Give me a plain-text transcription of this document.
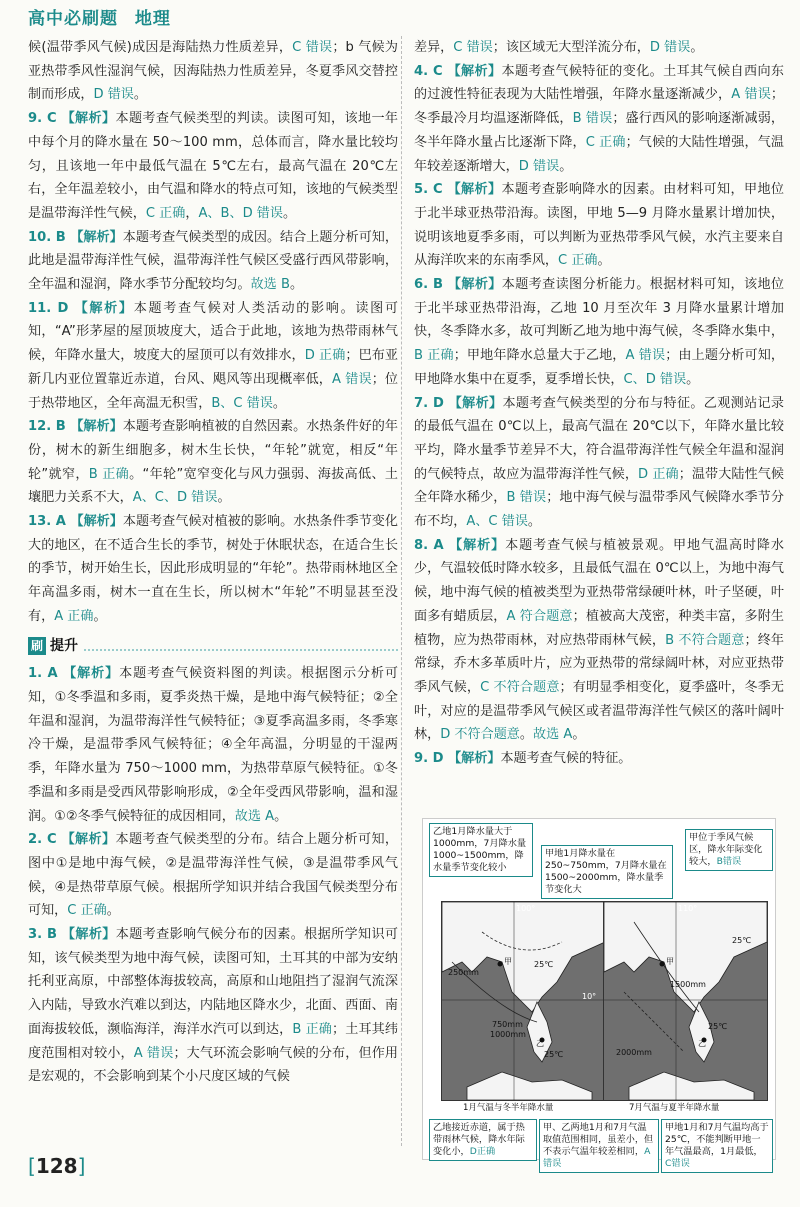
高中必刷题 地理

候(温带季风气候)成因是海陆热力性质差异，C 错误；b 气候为亚热带季风性湿润气候，因海陆热力性质差异，冬夏季风交替控制而形成，D 错误。

9. C 【解析】本题考查气候类型的判读。读图可知，该地一年中每个月的降水量在 50～100 mm，总体而言，降水量比较均匀，且该地一年中最低气温在 5℃左右，最高气温在 20℃左右，全年温差较小，由气温和降水的特点可知，该地的气候类型是温带海洋性气候，C 正确，A、B、D 错误。

10. B 【解析】本题考查气候类型的成因。结合上题分析可知，此地是温带海洋性气候，温带海洋性气候区受盛行西风带影响，全年温和湿润，降水季节分配较均匀。故选 B。

11. D 【解析】本题考查气候对人类活动的影响。读图可知，“A”形茅屋的屋顶坡度大，适合于此地，该地为热带雨林气候，年降水量大，坡度大的屋顶可以有效排水，D 正确；巴布亚新几内亚位置靠近赤道，台风、飓风等出现概率低，A 错误；位于热带地区，全年高温无积雪，B、C 错误。

12. B 【解析】本题考查影响植被的自然因素。水热条件好的年份，树木的新生细胞多，树木生长快，“年轮”就宽，相反“年轮”就窄，B 正确。“年轮”宽窄变化与风力强弱、海拔高低、土壤肥力关系不大，A、C、D 错误。

13. A 【解析】本题考查气候对植被的影响。水热条件季节变化大的地区，在不适合生长的季节，树处于休眠状态，在适合生长的季节，树开始生长，因此形成明显的“年轮”。热带雨林地区全年高温多雨，树木一直在生长，所以树木“年轮”不明显甚至没有，A 正确。

刷 提升

1. A 【解析】本题考查气候资料图的判读。根据图示分析可知，①冬季温和多雨，夏季炎热干燥，是地中海气候特征；②全年温和湿润，为温带海洋性气候特征；③夏季高温多雨，冬季寒冷干燥，是温带季风气候特征；④全年高温，分明显的干湿两季，年降水量为 750～1000 mm，为热带草原气候特征。①冬季温和多雨是受西风带影响形成，②全年受西风带影响，温和湿润。①②冬季气候特征的成因相同，故选 A。

2. C 【解析】本题考查气候类型的分布。结合上题分析可知，图中①是地中海气候，②是温带海洋性气候，③是温带季风气候，④是热带草原气候。根据所学知识并结合我国气候类型分布可知，C 正确。

3. B 【解析】本题考查影响气候分布的因素。根据所学知识可知，该气候类型为地中海气候，读图可知，土耳其的中部为安纳托利亚高原，中部整体海拔较高，高原和山地阻挡了湿润气流深入内陆，导致水汽难以到达，内陆地区降水少，北面、西面、南面海拔较低，濒临海洋，海洋水汽可以到达，B 正确；土耳其纬度范围相对较小，A 错误；大气环流会影响气候的分布，但作用是宏观的，不会影响到某个小尺度区域的气候

差异，C 错误；该区域无大型洋流分布，D 错误。

4. C 【解析】本题考查气候特征的变化。土耳其气候自西向东的过渡性特征表现为大陆性增强，年降水量逐渐减少，A 错误；冬季最冷月均温逐渐降低，B 错误；盛行西风的影响逐渐减弱，冬半年降水量占比逐渐下降，C 正确；气候的大陆性增强，气温年较差逐渐增大，D 错误。

5. C 【解析】本题考查影响降水的因素。由材料可知，甲地位于北半球亚热带沿海。读图，甲地 5—9 月降水量累计增加快，说明该地夏季多雨，可以判断为亚热带季风气候，水汽主要来自从海洋吹来的东南季风，C 正确。

6. B 【解析】本题考查读图分析能力。根据材料可知，该地位于北半球亚热带沿海，乙地 10 月至次年 3 月降水量累计增加快，冬季降水多，故可判断乙地为地中海气候，冬季降水集中，B 正确；甲地年降水总量大于乙地，A 错误；由上题分析可知，甲地降水集中在夏季，夏季增长快，C、D 错误。

7. D 【解析】本题考查气候类型的分布与特征。乙观测站记录的最低气温在 0℃以上，最高气温在 20℃以下，年降水量比较平均，降水量季节差异不大，符合温带海洋性气候全年温和湿润的气候特点，故应为温带海洋性气候，D 正确；温带大陆性气候全年降水稀少，B 错误；地中海气候与温带季风气候降水季节分布不均，A、C 错误。

8. A 【解析】本题考查气候与植被景观。甲地气温高时降水少，气温较低时降水较多，且最低气温在 0℃以上，为地中海气候，地中海气候的植被类型为亚热带常绿硬叶林，叶子坚硬，叶面多有蜡质层，A 符合题意；植被高大茂密，种类丰富，多附生植物，应为热带雨林，对应热带雨林气候，B 不符合题意；终年常绿，乔木多革质叶片，应为亚热带的常绿阔叶林，对应亚热带季风气候，C 不符合题意；有明显季相变化，夏季盛叶，冬季无叶，对应的是温带季风气候区或者温带海洋性气候区的落叶阔叶林，D 不符合题意。故选 A。

9. D 【解析】本题考查气候的特征。

乙地1月降水量大于1000mm，7月降水量1000~1500mm，降水量季节变化较小
甲地1月降水量在250~750mm，7月降水量在1500~2000mm，降水量季节变化大
甲位于季风气候区，降水年际变化较大，B错误
250mm
750mm
1000mm
25℃
25℃
甲
乙
100°
10°
1500mm
2000mm
25℃
25℃
甲
乙
110°
1月气温与冬半年降水量	7月气温与夏半年降水量
乙地接近赤道，属于热带雨林气候，降水年际变化小，D正确
甲、乙两地1月和7月气温取值范围相同，虽差小，但不表示气温年较差相同，A错误
甲地1月和7月气温均高于25℃，不能判断甲地一年气温最高，1月最低，C错误
[128]
